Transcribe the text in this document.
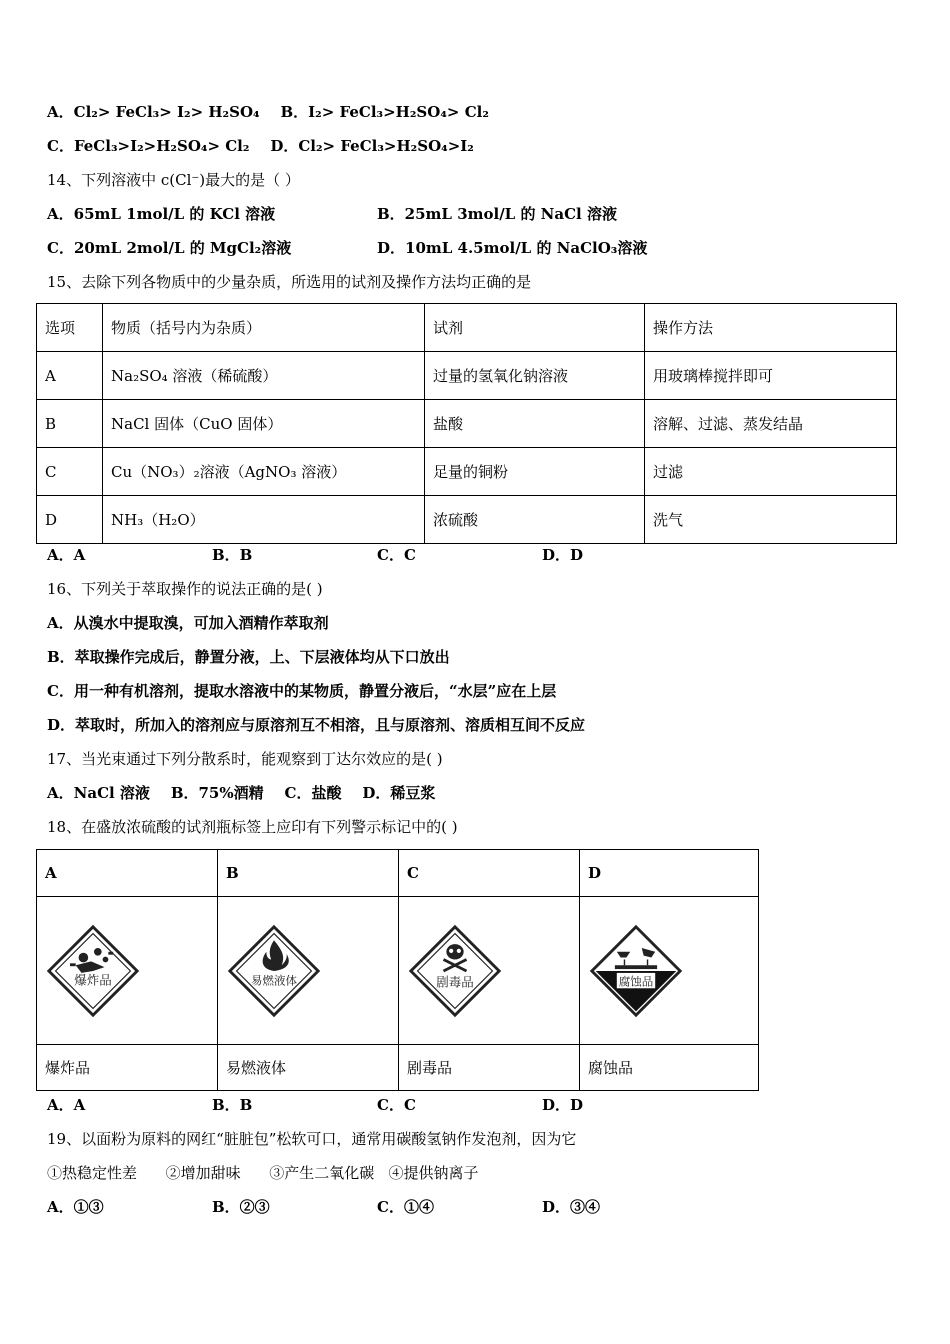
A．Cl₂> FeCl₃> I₂> H₂SO₄ B．I₂> FeCl₃>H₂SO₄> Cl₂
C．FeCl₃>I₂>H₂SO₄> Cl₂ D．Cl₂> FeCl₃>H₂SO₄>I₂
14、下列溶液中 c(Cl⁻)最大的是（ ）
A．65mL 1mol/L 的 KCl 溶液	B．25mL 3mol/L 的 NaCl 溶液
C．20mL 2mol/L 的 MgCl₂溶液	D．10mL 4.5mol/L 的 NaClO₃溶液
15、去除下列各物质中的少量杂质，所选用的试剂及操作方法均正确的是
选项	物质（括号内为杂质）	试剂	操作方法
A	Na₂SO₄ 溶液（稀硫酸）	过量的氢氧化钠溶液	用玻璃棒搅拌即可
B	NaCl 固体（CuO 固体）	盐酸	溶解、过滤、蒸发结晶
C	Cu（NO₃）₂溶液（AgNO₃ 溶液）	足量的铜粉	过滤
D	NH₃（H₂O）	浓硫酸	洗气
A．A	B．B	C．C	D．D
16、下列关于萃取操作的说法正确的是( )
A．从溴水中提取溴，可加入酒精作萃取剂
B．萃取操作完成后，静置分液，上、下层液体均从下口放出
C．用一种有机溶剂，提取水溶液中的某物质，静置分液后，“水层”应在上层
D．萃取时，所加入的溶剂应与原溶剂互不相溶，且与原溶剂、溶质相互间不反应
17、当光束通过下列分散系时，能观察到丁达尔效应的是( )
A．NaCl 溶液    B．75%酒精    C．盐酸    D．稀豆浆
18、在盛放浓硫酸的试剂瓶标签上应印有下列警示标记中的( )
A	B	C	D

爆炸品	易燃液体	剧毒品	腐蚀品

爆炸品	易燃液体	剧毒品	腐蚀品
A．A	B．B	C．C	D．D
19、以面粉为原料的网红“脏脏包”松软可口，通常用碳酸氢钠作发泡剂，因为它
①热稳定性差      ②增加甜味      ③产生二氧化碳   ④提供钠离子
A．①③	B．②③	C．①④	D．③④
